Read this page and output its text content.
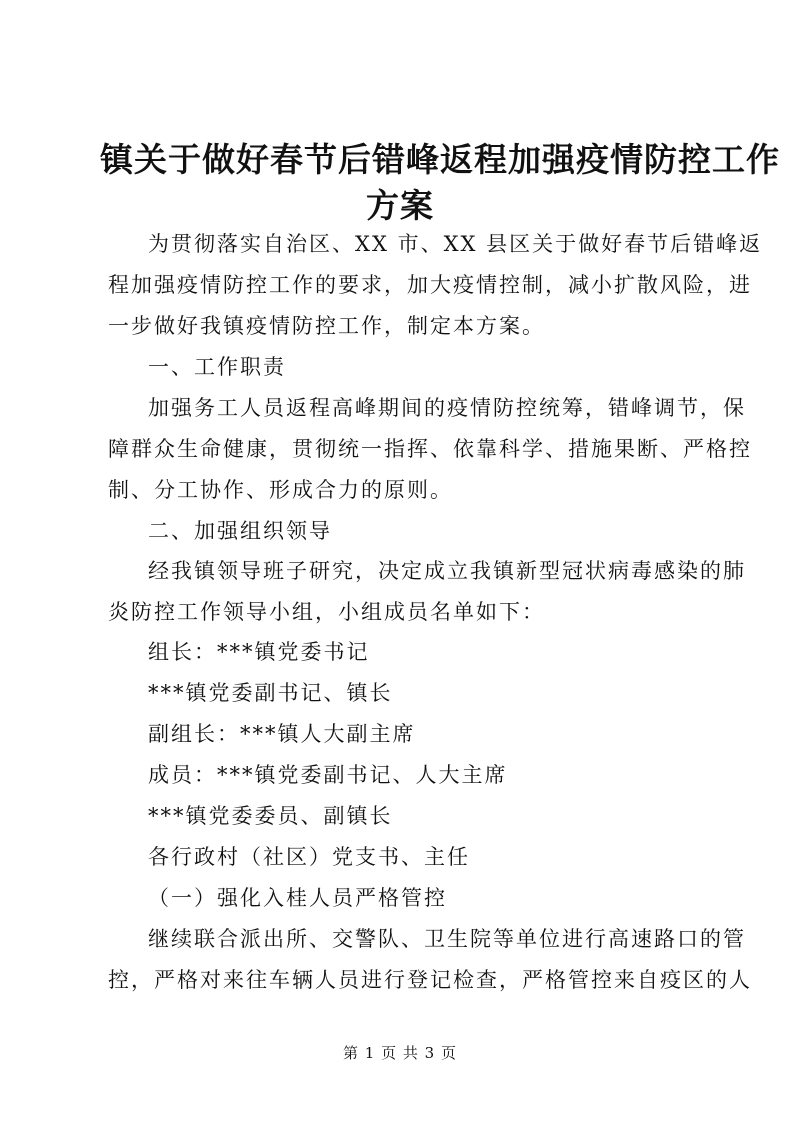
镇关于做好春节后错峰返程加强疫情防控工作
方案
为贯彻落实自治区、XX 市、XX 县区关于做好春节后错峰返
程加强疫情防控工作的要求，加大疫情控制，减小扩散风险，进
一步做好我镇疫情防控工作，制定本方案。
一、工作职责
加强务工人员返程高峰期间的疫情防控统筹，错峰调节，保
障群众生命健康，贯彻统一指挥、依靠科学、措施果断、严格控
制、分工协作、形成合力的原则。
二、加强组织领导
经我镇领导班子研究，决定成立我镇新型冠状病毒感染的肺
炎防控工作领导小组，小组成员名单如下：
组长：***镇党委书记
***镇党委副书记、镇长
副组长：***镇人大副主席
成员：***镇党委副书记、人大主席
***镇党委委员、副镇长
各行政村（社区）党支书、主任
（一）强化入桂人员严格管控
继续联合派出所、交警队、卫生院等单位进行高速路口的管
控，严格对来往车辆人员进行登记检查，严格管控来自疫区的人
第 1 页 共 3 页
